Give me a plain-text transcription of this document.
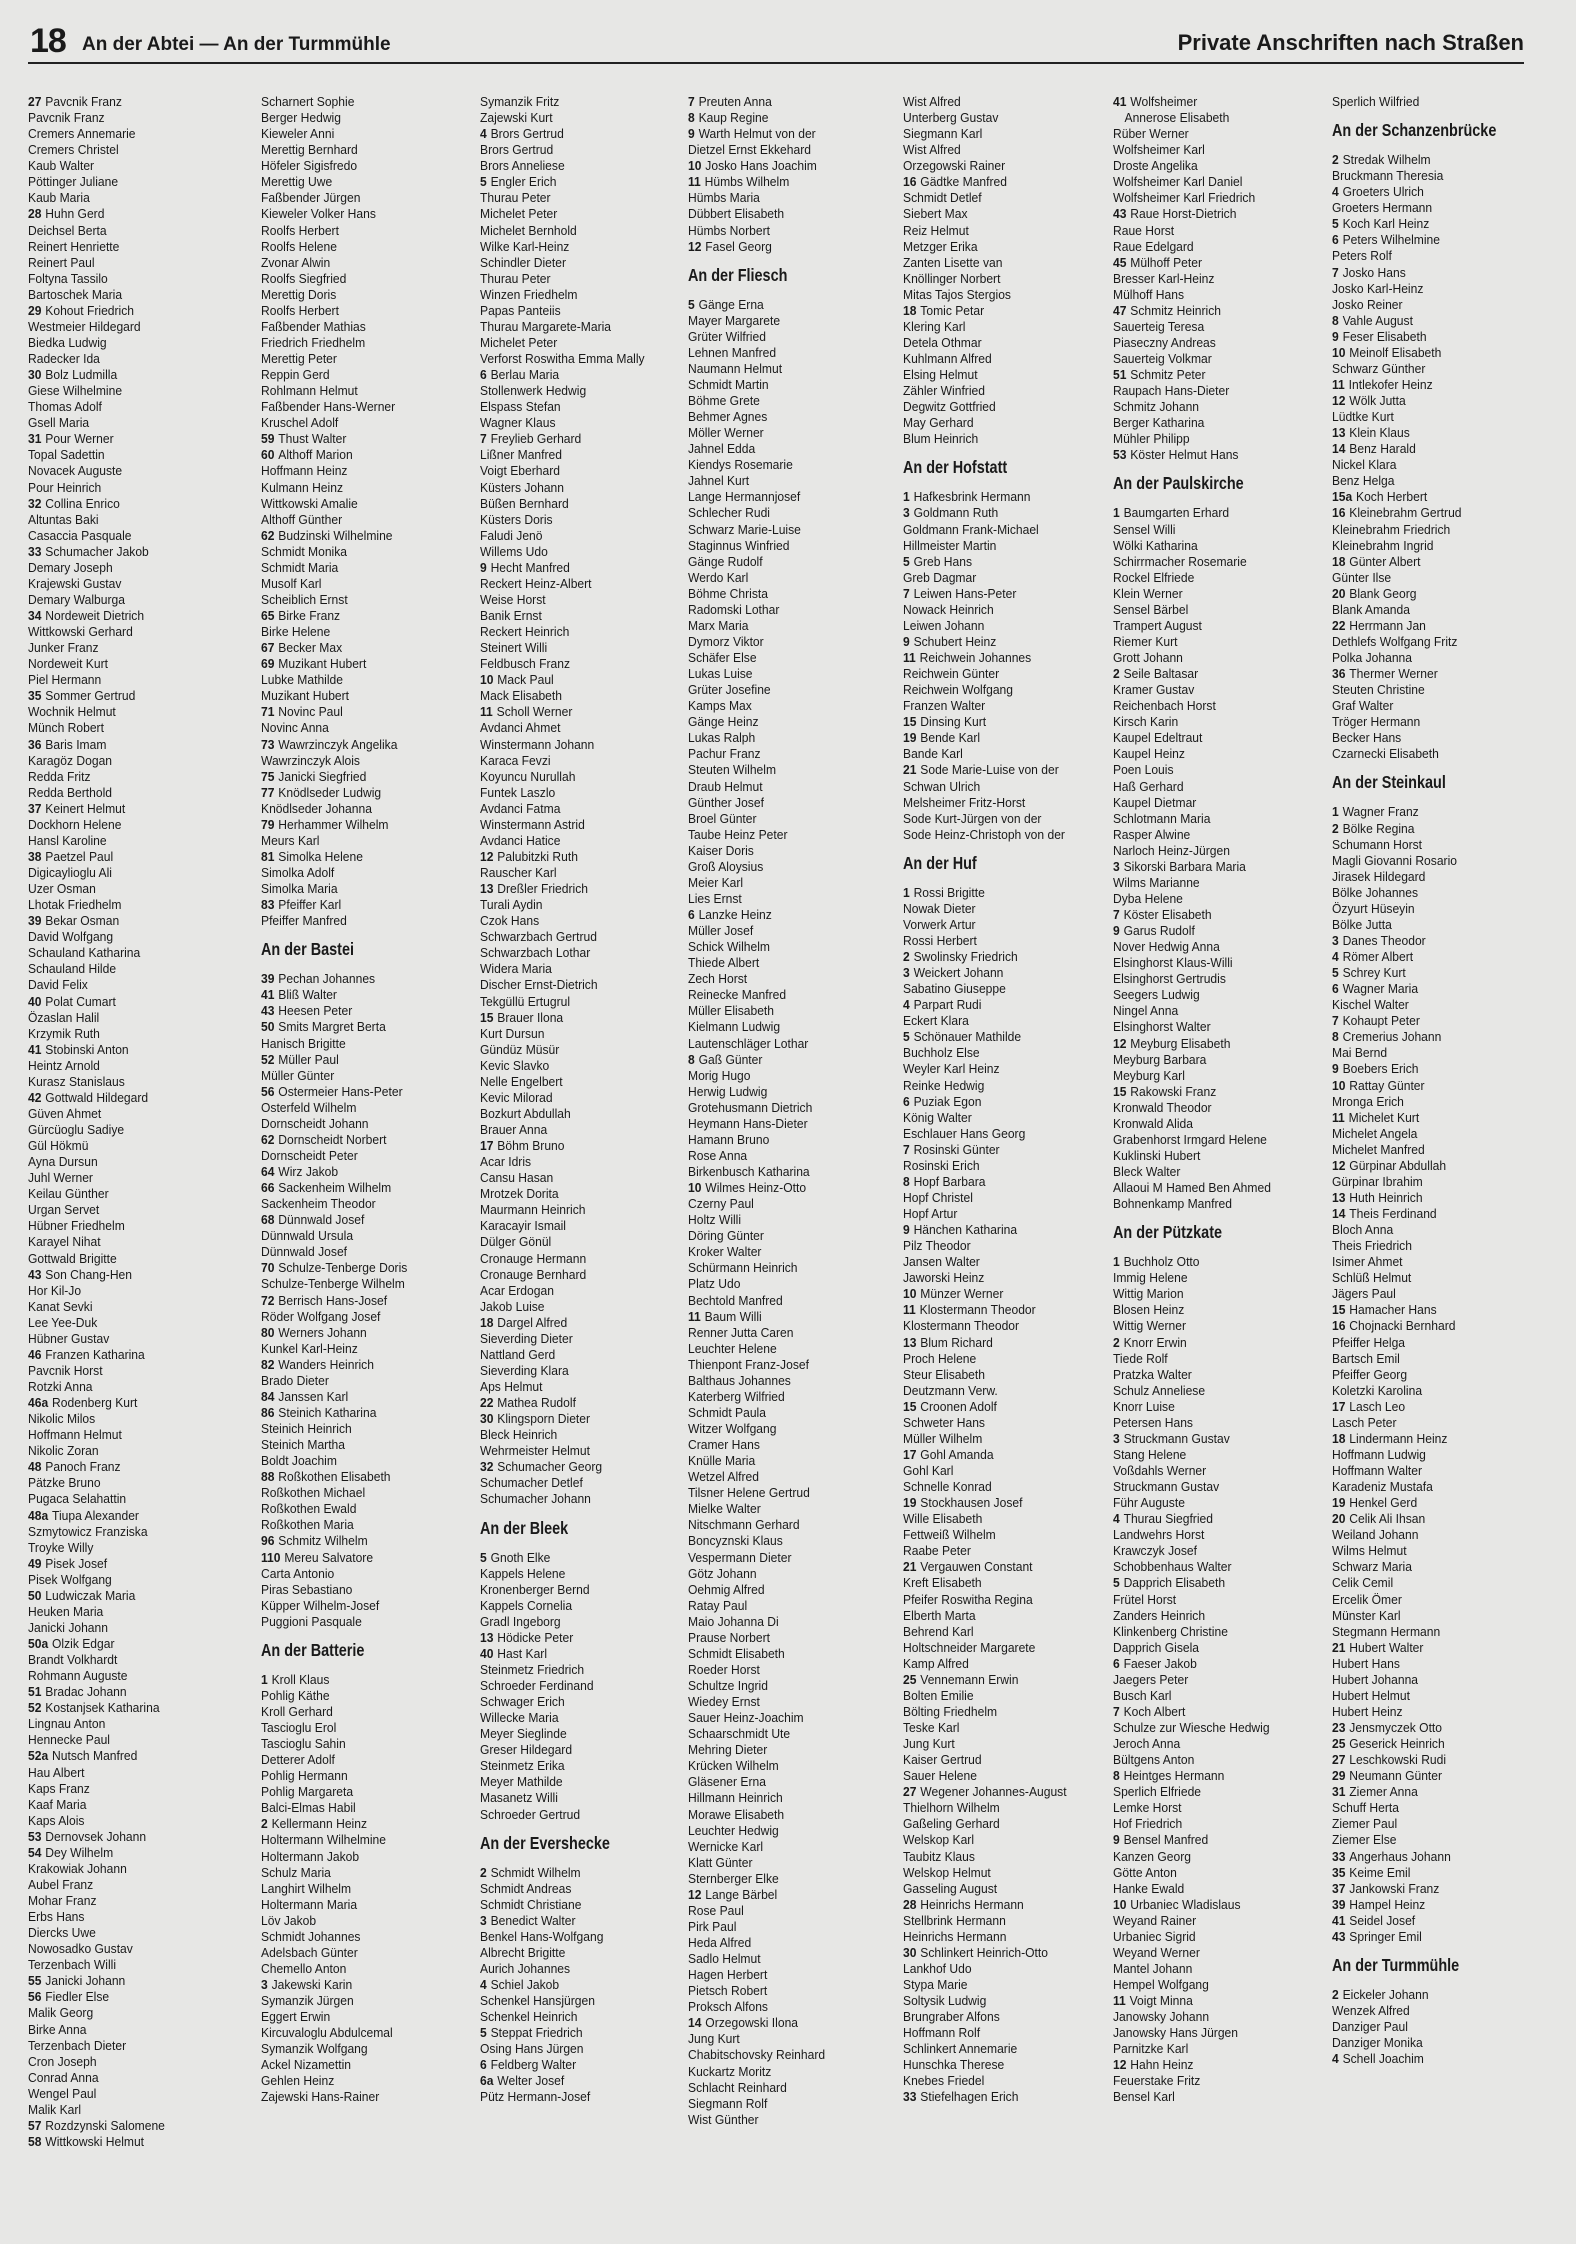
18 An der Abtei — An der Turmmühle	Private Anschriften nach Straßen
27 Pavcnik Franz
Pavcnik Franz
Cremers Annemarie
Cremers Christel
Kaub Walter
Pöttinger Juliane
Kaub Maria
28 Huhn Gerd
Deichsel Berta
Reinert Henriette
Reinert Paul
Foltyna Tassilo
Bartoschek Maria
29 Kohout Friedrich
Westmeier Hildegard
Biedka Ludwig
Radecker Ida
30 Bolz Ludmilla
Giese Wilhelmine
Thomas Adolf
Gsell Maria
31 Pour Werner
Topal Sadettin
Novacek Auguste
Pour Heinrich
32 Collina Enrico
Altuntas Baki
Casaccia Pasquale
33 Schumacher Jakob
Demary Joseph
Krajewski Gustav
Demary Walburga
34 Nordeweit Dietrich
Wittkowski Gerhard
Junker Franz
Nordeweit Kurt
Piel Hermann
35 Sommer Gertrud
Wochnik Helmut
Münch Robert
36 Baris Imam
Karagöz Dogan
Redda Fritz
Redda Berthold
37 Keinert Helmut
Dockhorn Helene
Hansl Karoline
38 Paetzel Paul
Digicaylioglu Ali
Uzer Osman
Lhotak Friedhelm
39 Bekar Osman
David Wolfgang
Schauland Katharina
Schauland Hilde
David Felix
40 Polat Cumart
Özaslan Halil
Krzymik Ruth
41 Stobinski Anton
Heintz Arnold
Kurasz Stanislaus
42 Gottwald Hildegard
Güven Ahmet
Gürcüoglu Sadiye
Gül Hökmü
Ayna Dursun
Juhl Werner
Keilau Günther
Urgan Servet
Hübner Friedhelm
Karayel Nihat
Gottwald Brigitte
43 Son Chang-Hen
Hor Kil-Jo
Kanat Sevki
Lee Yee-Duk
Hübner Gustav
46 Franzen Katharina
Pavcnik Horst
Rotzki Anna
46a Rodenberg Kurt
Nikolic Milos
Hoffmann Helmut
Nikolic Zoran
48 Panoch Franz
Pätzke Bruno
Pugaca Selahattin
48a Tiupa Alexander
Szmytowicz Franziska
Troyke Willy
49 Pisek Josef
Pisek Wolfgang
50 Ludwiczak Maria
Heuken Maria
Janicki Johann
50a Olzik Edgar
Brandt Volkhardt
Rohmann Auguste
51 Bradac Johann
52 Kostanjsek Katharina
Lingnau Anton
Hennecke Paul
52a Nutsch Manfred
Hau Albert
Kaps Franz
Kaaf Maria
Kaps Alois
53 Dernovsek Johann
54 Dey Wilhelm
Krakowiak Johann
Aubel Franz
Mohar Franz
Erbs Hans
Diercks Uwe
Nowosadko Gustav
Terzenbach Willi
55 Janicki Johann
56 Fiedler Else
Malik Georg
Birke Anna
Terzenbach Dieter
Cron Joseph
Conrad Anna
Wengel Paul
Malik Karl
57 Rozdzynski Salomene
58 Wittkowski Helmut
Scharnert Sophie
Berger Hedwig
Kieweler Anni
Merettig Bernhard
Höfeler Sigisfredo
Merettig Uwe
Faßbender Jürgen
Kieweler Volker Hans
Roolfs Herbert
Roolfs Helene
Zvonar Alwin
Roolfs Siegfried
Merettig Doris
Roolfs Herbert
Faßbender Mathias
Friedrich Friedhelm
Merettig Peter
Reppin Gerd
Rohlmann Helmut
Faßbender Hans-Werner
Kruschel Adolf
59 Thust Walter
60 Althoff Marion
Hoffmann Heinz
Kulmann Heinz
Wittkowski Amalie
Althoff Günther
62 Budzinski Wilhelmine
Schmidt Monika
Schmidt Maria
Musolf Karl
Scheiblich Ernst
65 Birke Franz
Birke Helene
67 Becker Max
69 Muzikant Hubert
Lubke Mathilde
Muzikant Hubert
71 Novinc Paul
Novinc Anna
73 Wawrzinczyk Angelika
Wawrzinczyk Alois
75 Janicki Siegfried
77 Knödlseder Ludwig
Knödlseder Johanna
79 Herhammer Wilhelm
Meurs Karl
81 Simolka Helene
Simolka Adolf
Simolka Maria
83 Pfeiffer Karl
Pfeiffer Manfred
An der Bastei
39 Pechan Johannes
41 Bliß Walter
43 Heesen Peter
50 Smits Margret Berta
Hanisch Brigitte
52 Müller Paul
Müller Günter
56 Ostermeier Hans-Peter
Osterfeld Wilhelm
Dornscheidt Johann
62 Dornscheidt Norbert
Dornscheidt Peter
64 Wirz Jakob
66 Sackenheim Wilhelm
Sackenheim Theodor
68 Dünnwald Josef
Dünnwald Ursula
Dünnwald Josef
70 Schulze-Tenberge Doris
Schulze-Tenberge Wilhelm
72 Berrisch Hans-Josef
Röder Wolfgang Josef
80 Werners Johann
Kunkel Karl-Heinz
82 Wanders Heinrich
Brado Dieter
84 Janssen Karl
86 Steinich Katharina
Steinich Heinrich
Steinich Martha
Boldt Joachim
88 Roßkothen Elisabeth
Roßkothen Michael
Roßkothen Ewald
Roßkothen Maria
96 Schmitz Wilhelm
110 Mereu Salvatore
Carta Antonio
Piras Sebastiano
Küpper Wilhelm-Josef
Puggioni Pasquale
An der Batterie
1 Kroll Klaus
Pohlig Käthe
Kroll Gerhard
Tascioglu Erol
Tascioglu Sahin
Detterer Adolf
Pohlig Hermann
Pohlig Margareta
Balci-Elmas Habil
2 Kellermann Heinz
Holtermann Wilhelmine
Holtermann Jakob
Schulz Maria
Langhirt Wilhelm
Holtermann Maria
Löv Jakob
Schmidt Johannes
Adelsbach Günter
Chemello Anton
3 Jakewski Karin
Symanzik Jürgen
Eggert Erwin
Kircuvaloglu Abdulcemal
Symanzik Wolfgang
Ackel Nizamettin
Gehlen Heinz
Zajewski Hans-Rainer
Symanzik Fritz
Zajewski Kurt
4 Brors Gertrud
Brors Gertrud
Brors Anneliese
5 Engler Erich
Thurau Peter
Michelet Peter
Michelet Bernhold
Wilke Karl-Heinz
Schindler Dieter
Thurau Peter
Winzen Friedhelm
Papas Panteiis
Thurau Margarete-Maria
Michelet Peter
Verforst Roswitha Emma Mally
6 Berlau Maria
Stollenwerk Hedwig
Elspass Stefan
Wagner Klaus
7 Freylieb Gerhard
Lißner Manfred
Voigt Eberhard
Küsters Johann
Büßen Bernhard
Küsters Doris
Faludi Jenö
Willems Udo
9 Hecht Manfred
Reckert Heinz-Albert
Weise Horst
Banik Ernst
Reckert Heinrich
Steinert Willi
Feldbusch Franz
10 Mack Paul
Mack Elisabeth
11 Scholl Werner
Avdanci Ahmet
Winstermann Johann
Karaca Fevzi
Koyuncu Nurullah
Funtek Laszlo
Avdanci Fatma
Winstermann Astrid
Avdanci Hatice
12 Palubitzki Ruth
Rauscher Karl
13 Dreßler Friedrich
Turali Aydin
Czok Hans
Schwarzbach Gertrud
Schwarzbach Lothar
Widera Maria
Discher Ernst-Dietrich
Tekgüllü Ertugrul
15 Brauer Ilona
Kurt Dursun
Gündüz Müsür
Kevic Slavko
Nelle Engelbert
Kevic Milorad
Bozkurt Abdullah
Brauer Anna
17 Böhm Bruno
Acar Idris
Cansu Hasan
Mrotzek Dorita
Maurmann Heinrich
Karacayir Ismail
Dülger Gönül
Cronauge Hermann
Cronauge Bernhard
Acar Erdogan
Jakob Luise
18 Dargel Alfred
Sieverding Dieter
Nattland Gerd
Sieverding Klara
Aps Helmut
22 Mathea Rudolf
30 Klingsporn Dieter
Bleck Heinrich
Wehrmeister Helmut
32 Schumacher Georg
Schumacher Detlef
Schumacher Johann
An der Bleek
5 Gnoth Elke
Kappels Helene
Kronenberger Bernd
Kappels Cornelia
Gradl Ingeborg
13 Hödicke Peter
40 Hast Karl
Steinmetz Friedrich
Schroeder Ferdinand
Schwager Erich
Willecke Maria
Meyer Sieglinde
Greser Hildegard
Steinmetz Erika
Meyer Mathilde
Masanetz Willi
Schroeder Gertrud
An der Evershecke
2 Schmidt Wilhelm
Schmidt Andreas
Schmidt Christiane
3 Benedict Walter
Benkel Hans-Wolfgang
Albrecht Brigitte
Aurich Johannes
4 Schiel Jakob
Schenkel Hansjürgen
Schenkel Heinrich
5 Steppat Friedrich
Osing Hans Jürgen
6 Feldberg Walter
6a Welter Josef
Pütz Hermann-Josef
7 Preuten Anna
8 Kaup Regine
9 Warth Helmut von der
Dietzel Ernst Ekkehard
10 Josko Hans Joachim
11 Hümbs Wilhelm
Hümbs Maria
Dübbert Elisabeth
Hümbs Norbert
12 Fasel Georg
An der Fliesch
5 Gänge Erna
Mayer Margarete
Grüter Wilfried
Lehnen Manfred
Naumann Helmut
Schmidt Martin
Böhme Grete
Behmer Agnes
Möller Werner
Jahnel Edda
Kiendys Rosemarie
Jahnel Kurt
Lange Hermannjosef
Schlecher Rudi
Schwarz Marie-Luise
Staginnus Winfried
Gänge Rudolf
Werdo Karl
Böhme Christa
Radomski Lothar
Marx Maria
Dymorz Viktor
Schäfer Else
Lukas Luise
Grüter Josefine
Kamps Max
Gänge Heinz
Lukas Ralph
Pachur Franz
Steuten Wilhelm
Draub Helmut
Günther Josef
Broel Günter
Taube Heinz Peter
Kaiser Doris
Groß Aloysius
Meier Karl
Lies Ernst
6 Lanzke Heinz
Müller Josef
Schick Wilhelm
Thiede Albert
Zech Horst
Reinecke Manfred
Müller Elisabeth
Kielmann Ludwig
Lautenschläger Lothar
8 Gaß Günter
Morig Hugo
Herwig Ludwig
Grotehusmann Dietrich
Heymann Hans-Dieter
Hamann Bruno
Rose Anna
Birkenbusch Katharina
10 Wilmes Heinz-Otto
Czerny Paul
Holtz Willi
Döring Günter
Kroker Walter
Schürmann Heinrich
Platz Udo
Bechtold Manfred
11 Baum Willi
Renner Jutta Caren
Leuchter Helene
Thienpont Franz-Josef
Balthaus Johannes
Katerberg Wilfried
Schmidt Paula
Witzer Wolfgang
Cramer Hans
Knülle Maria
Wetzel Alfred
Tilsner Helene Gertrud
Mielke Walter
Nitschmann Gerhard
Boncyznski Klaus
Vespermann Dieter
Götz Johann
Oehmig Alfred
Ratay Paul
Maio Johanna Di
Prause Norbert
Schmidt Elisabeth
Roeder Horst
Schultze Ingrid
Wiedey Ernst
Sauer Heinz-Joachim
Schaarschmidt Ute
Mehring Dieter
Krücken Wilhelm
Gläsener Erna
Hillmann Heinrich
Morawe Elisabeth
Leuchter Hedwig
Wernicke Karl
Klatt Günter
Sternberger Elke
12 Lange Bärbel
Rose Paul
Pirk Paul
Heda Alfred
Sadlo Helmut
Hagen Herbert
Pietsch Robert
Proksch Alfons
14 Orzegowski Ilona
Jung Kurt
Chabitschovsky Reinhard
Kuckartz Moritz
Schlacht Reinhard
Siegmann Rolf
Wist Günther
Wist Alfred
Unterberg Gustav
Siegmann Karl
Wist Alfred
Orzegowski Rainer
16 Gädtke Manfred
Schmidt Detlef
Siebert Max
Reiz Helmut
Metzger Erika
Zanten Lisette van
Knöllinger Norbert
Mitas Tajos Stergios
18 Tomic Petar
Klering Karl
Detela Othmar
Kuhlmann Alfred
Elsing Helmut
Zähler Winfried
Degwitz Gottfried
May Gerhard
Blum Heinrich
An der Hofstatt
1 Hafkesbrink Hermann
3 Goldmann Ruth
Goldmann Frank-Michael
Hillmeister Martin
5 Greb Hans
Greb Dagmar
7 Leiwen Hans-Peter
Nowack Heinrich
Leiwen Johann
9 Schubert Heinz
11 Reichwein Johannes
Reichwein Günter
Reichwein Wolfgang
Franzen Walter
15 Dinsing Kurt
19 Bende Karl
Bande Karl
21 Sode Marie-Luise von der
Schwan Ulrich
Melsheimer Fritz-Horst
Sode Kurt-Jürgen von der
Sode Heinz-Christoph von der
An der Huf
1 Rossi Brigitte
Nowak Dieter
Vorwerk Artur
Rossi Herbert
2 Swolinsky Friedrich
3 Weickert Johann
Sabatino Giuseppe
4 Parpart Rudi
Eckert Klara
5 Schönauer Mathilde
Buchholz Else
Weyler Karl Heinz
Reinke Hedwig
6 Puziak Egon
König Walter
Eschlauer Hans Georg
7 Rosinski Günter
Rosinski Erich
8 Hopf Barbara
Hopf Christel
Hopf Artur
9 Hänchen Katharina
Pilz Theodor
Jansen Walter
Jaworski Heinz
10 Münzer Werner
11 Klostermann Theodor
Klostermann Theodor
13 Blum Richard
Proch Helene
Steur Elisabeth
Deutzmann Verw.
15 Croonen Adolf
Schweter Hans
Müller Wilhelm
17 Gohl Amanda
Gohl Karl
Schnelle Konrad
19 Stockhausen Josef
Wille Elisabeth
Fettweiß Wilhelm
Raabe Peter
21 Vergauwen Constant
Kreft Elisabeth
Pfeifer Roswitha Regina
Elberth Marta
Behrend Karl
Holtschneider Margarete
Kamp Alfred
25 Vennemann Erwin
Bolten Emilie
Bölting Friedhelm
Teske Karl
Jung Kurt
Kaiser Gertrud
Sauer Helene
27 Wegener Johannes-August
Thielhorn Wilhelm
Gaßeling Gerhard
Welskop Karl
Taubitz Klaus
Welskop Helmut
Gasseling August
28 Heinrichs Hermann
Stellbrink Hermann
Heinrichs Hermann
30 Schlinkert Heinrich-Otto
Lankhof Udo
Stypa Marie
Soltysik Ludwig
Brungraber Alfons
Hoffmann Rolf
Schlinkert Annemarie
Hunschka Therese
Knebes Friedel
33 Stiefelhagen Erich
41 Wolfsheimer
Annerose Elisabeth
Rüber Werner
Wolfsheimer Karl
Droste Angelika
Wolfsheimer Karl Daniel
Wolfsheimer Karl Friedrich
43 Raue Horst-Dietrich
Raue Horst
Raue Edelgard
45 Mülhoff Peter
Bresser Karl-Heinz
Mülhoff Hans
47 Schmitz Heinrich
Sauerteig Teresa
Piaseczny Andreas
Sauerteig Volkmar
51 Schmitz Peter
Raupach Hans-Dieter
Schmitz Johann
Berger Katharina
Mühler Philipp
53 Köster Helmut Hans
An der Paulskirche
1 Baumgarten Erhard
Sensel Willi
Wölki Katharina
Schirrmacher Rosemarie
Rockel Elfriede
Klein Werner
Sensel Bärbel
Trampert August
Riemer Kurt
Grott Johann
2 Seile Baltasar
Kramer Gustav
Reichenbach Horst
Kirsch Karin
Kaupel Edeltraut
Kaupel Heinz
Poen Louis
Haß Gerhard
Kaupel Dietmar
Schlotmann Maria
Rasper Alwine
Narloch Heinz-Jürgen
3 Sikorski Barbara Maria
Wilms Marianne
Dyba Helene
7 Köster Elisabeth
9 Garus Rudolf
Nover Hedwig Anna
Elsinghorst Klaus-Willi
Elsinghorst Gertrudis
Seegers Ludwig
Ningel Anna
Elsinghorst Walter
12 Meyburg Elisabeth
Meyburg Barbara
Meyburg Karl
15 Rakowski Franz
Kronwald Theodor
Kronwald Alida
Grabenhorst Irmgard Helene
Kuklinski Hubert
Bleck Walter
Allaoui M Hamed Ben Ahmed
Bohnenkamp Manfred
An der Pützkate
1 Buchholz Otto
Immig Helene
Wittig Marion
Blosen Heinz
Wittig Werner
2 Knorr Erwin
Tiede Rolf
Pratzka Walter
Schulz Anneliese
Knorr Luise
Petersen Hans
3 Struckmann Gustav
Stang Helene
Voßdahls Werner
Struckmann Gustav
Führ Auguste
4 Thurau Siegfried
Landwehrs Horst
Krawczyk Josef
Schobbenhaus Walter
5 Dapprich Elisabeth
Frütel Horst
Zanders Heinrich
Klinkenberg Christine
Dapprich Gisela
6 Faeser Jakob
Jaegers Peter
Busch Karl
7 Koch Albert
Schulze zur Wiesche Hedwig
Jeroch Anna
Bültgens Anton
8 Heintges Hermann
Sperlich Elfriede
Lemke Horst
Hof Friedrich
9 Bensel Manfred
Kanzen Georg
Götte Anton
Hanke Ewald
10 Urbaniec Wladislaus
Weyand Rainer
Urbaniec Sigrid
Weyand Werner
Mantel Johann
Hempel Wolfgang
11 Voigt Minna
Janowsky Johann
Janowsky Hans Jürgen
Parnitzke Karl
12 Hahn Heinz
Feuerstake Fritz
Bensel Karl
Sperlich Wilfried
An der Schanzenbrücke
2 Stredak Wilhelm
Bruckmann Theresia
4 Groeters Ulrich
Groeters Hermann
5 Koch Karl Heinz
6 Peters Wilhelmine
Peters Rolf
7 Josko Hans
Josko Karl-Heinz
Josko Reiner
8 Vahle August
9 Feser Elisabeth
10 Meinolf Elisabeth
Schwarz Günther
11 Intlekofer Heinz
12 Wölk Jutta
Lüdtke Kurt
13 Klein Klaus
14 Benz Harald
Nickel Klara
Benz Helga
15a Koch Herbert
16 Kleinebrahm Gertrud
Kleinebrahm Friedrich
Kleinebrahm Ingrid
18 Günter Albert
Günter Ilse
20 Blank Georg
Blank Amanda
22 Herrmann Jan
Dethlefs Wolfgang Fritz
Polka Johanna
36 Thermer Werner
Steuten Christine
Graf Walter
Tröger Hermann
Becker Hans
Czarnecki Elisabeth
An der Steinkaul
1 Wagner Franz
2 Bölke Regina
Schumann Horst
Magli Giovanni Rosario
Jirasek Hildegard
Bölke Johannes
Özyurt Hüseyin
Bölke Jutta
3 Danes Theodor
4 Römer Albert
5 Schrey Kurt
6 Wagner Maria
Kischel Walter
7 Kohaupt Peter
8 Cremerius Johann
Mai Bernd
9 Boebers Erich
10 Rattay Günter
Mronga Erich
11 Michelet Kurt
Michelet Angela
Michelet Manfred
12 Gürpinar Abdullah
Gürpinar Ibrahim
13 Huth Heinrich
14 Theis Ferdinand
Bloch Anna
Theis Friedrich
Isimer Ahmet
Schlüß Helmut
Jägers Paul
15 Hamacher Hans
16 Chojnacki Bernhard
Pfeiffer Helga
Bartsch Emil
Pfeiffer Georg
Koletzki Karolina
17 Lasch Leo
Lasch Peter
18 Lindermann Heinz
Hoffmann Ludwig
Hoffmann Walter
Karadeniz Mustafa
19 Henkel Gerd
20 Celik Ali Ihsan
Weiland Johann
Wilms Helmut
Schwarz Maria
Celik Cemil
Ercelik Ömer
Münster Karl
Stegmann Hermann
21 Hubert Walter
Hubert Hans
Hubert Johanna
Hubert Helmut
Hubert Heinz
23 Jensmyczek Otto
25 Geserick Heinrich
27 Leschkowski Rudi
29 Neumann Günter
31 Ziemer Anna
Schuff Herta
Ziemer Paul
Ziemer Else
33 Angerhaus Johann
35 Keime Emil
37 Jankowski Franz
39 Hampel Heinz
41 Seidel Josef
43 Springer Emil
An der Turmmühle
2 Eickeler Johann
Wenzek Alfred
Danziger Paul
Danziger Monika
4 Schell Joachim
